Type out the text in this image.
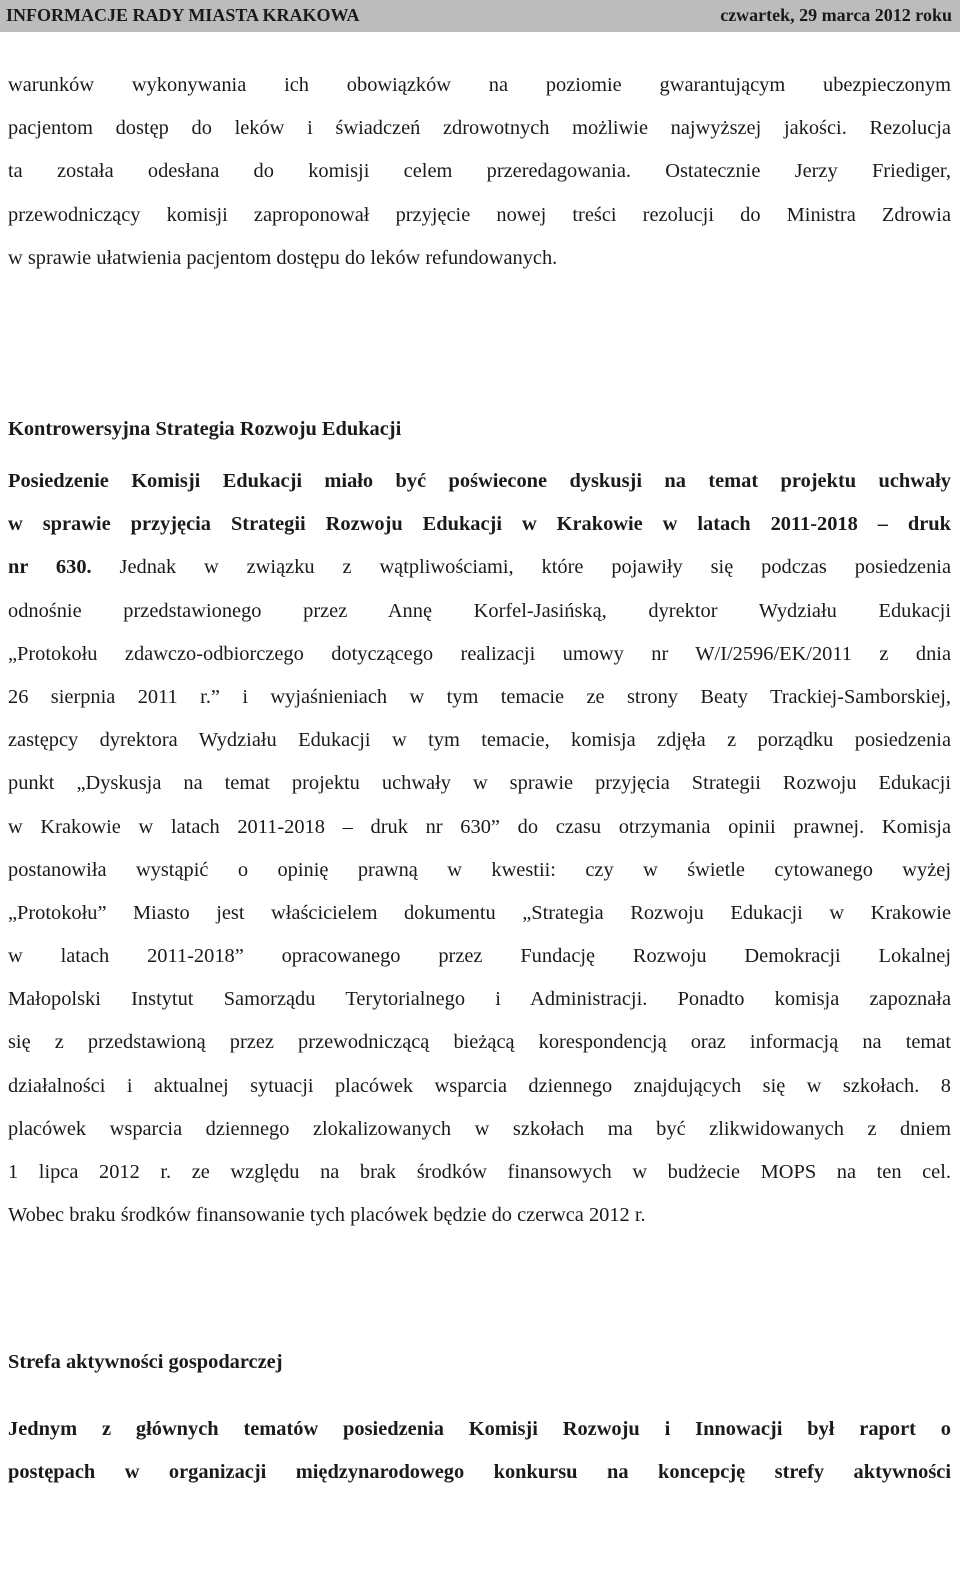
INFORMACJE RADY MIASTA KRAKOWA	czwartek, 29 marca 2012 roku
warunków wykonywania ich obowiązków na poziomie gwarantującym ubezpieczonym
pacjentom dostęp do leków i świadczeń zdrowotnych możliwie najwyższej jakości. Rezolucja
ta została odesłana do komisji celem przeredagowania. Ostatecznie Jerzy Friediger,
przewodniczący komisji zaproponował przyjęcie nowej treści rezolucji do Ministra Zdrowia
w sprawie ułatwienia pacjentom dostępu do leków refundowanych.
Kontrowersyjna Strategia Rozwoju Edukacji
Posiedzenie Komisji Edukacji miało być poświecone dyskusji na temat projektu uchwały
w sprawie przyjęcia Strategii Rozwoju Edukacji w Krakowie w latach 2011-2018 – druk
nr 630. Jednak w związku z wątpliwościami, które pojawiły się podczas posiedzenia
odnośnie przedstawionego przez Annę Korfel-Jasińską, dyrektor Wydziału Edukacji
„Protokołu zdawczo-odbiorczego dotyczącego realizacji umowy nr W/I/2596/EK/2011 z dnia
26 sierpnia 2011 r.” i wyjaśnieniach w tym temacie ze strony Beaty Trackiej-Samborskiej,
zastępcy dyrektora Wydziału Edukacji w tym temacie, komisja zdjęła z porządku posiedzenia
punkt „Dyskusja na temat projektu uchwały w sprawie przyjęcia Strategii Rozwoju Edukacji
w Krakowie w latach 2011-2018 – druk nr 630” do czasu otrzymania opinii prawnej. Komisja
postanowiła wystąpić o opinię prawną w kwestii: czy w świetle cytowanego wyżej
„Protokołu” Miasto jest właścicielem dokumentu „Strategia Rozwoju Edukacji w Krakowie
w latach 2011-2018” opracowanego przez Fundację Rozwoju Demokracji Lokalnej
Małopolski Instytut Samorządu Terytorialnego i Administracji. Ponadto komisja zapoznała
się z przedstawioną przez przewodniczącą bieżącą korespondencją oraz informacją na temat
działalności i aktualnej sytuacji placówek wsparcia dziennego znajdujących się w szkołach. 8
placówek wsparcia dziennego zlokalizowanych w szkołach ma być zlikwidowanych z dniem
1 lipca 2012 r. ze względu na brak środków finansowych w budżecie MOPS na ten cel.
Wobec braku środków finansowanie tych placówek będzie do czerwca 2012 r.
Strefa aktywności gospodarczej
Jednym z głównych tematów posiedzenia Komisji Rozwoju i Innowacji był raport o
postępach w organizacji międzynarodowego konkursu na koncepcję strefy aktywności
